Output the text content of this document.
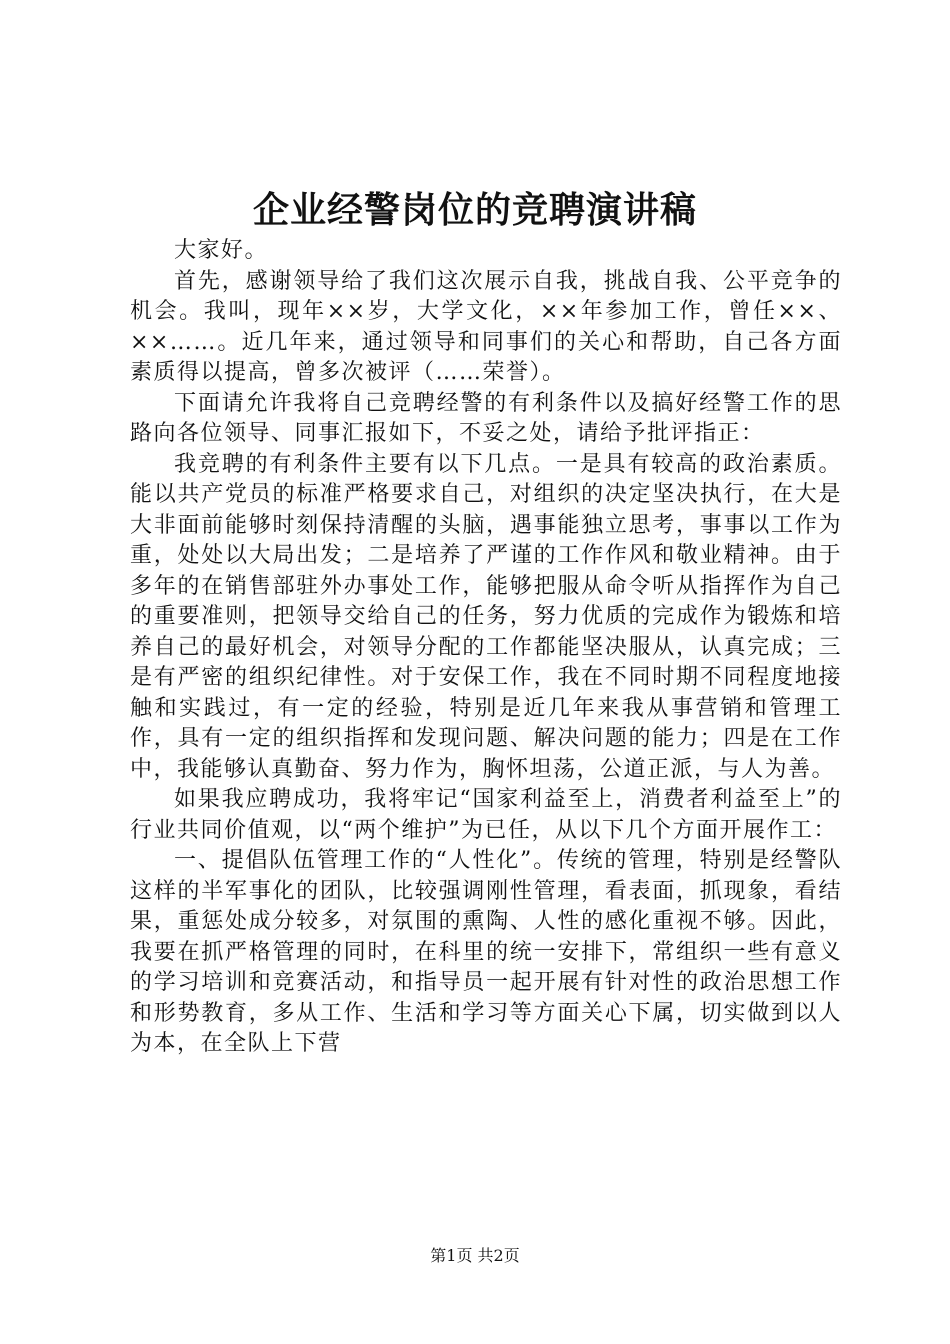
企业经警岗位的竞聘演讲稿

大家好。

首先，感谢领导给了我们这次展示自我，挑战自我、公平竞争的机会。我叫，现年××岁，大学文化，××年参加工作，曾任××、××……。近几年来，通过领导和同事们的关心和帮助，自己各方面素质得以提高，曾多次被评（……荣誉）。

下面请允许我将自己竞聘经警的有利条件以及搞好经警工作的思路向各位领导、同事汇报如下，不妥之处，请给予批评指正：

我竞聘的有利条件主要有以下几点。一是具有较高的政治素质。能以共产党员的标准严格要求自己，对组织的决定坚决执行，在大是大非面前能够时刻保持清醒的头脑，遇事能独立思考，事事以工作为重，处处以大局出发；二是培养了严谨的工作作风和敬业精神。由于多年的在销售部驻外办事处工作，能够把服从命令听从指挥作为自己的重要准则，把领导交给自己的任务，努力优质的完成作为锻炼和培养自己的最好机会，对领导分配的工作都能坚决服从，认真完成；三是有严密的组织纪律性。对于安保工作，我在不同时期不同程度地接触和实践过，有一定的经验，特别是近几年来我从事营销和管理工作，具有一定的组织指挥和发现问题、解决问题的能力；四是在工作中，我能够认真勤奋、努力作为，胸怀坦荡，公道正派，与人为善。

如果我应聘成功，我将牢记“国家利益至上，消费者利益至上”的行业共同价值观，以“两个维护”为已任，从以下几个方面开展作工：

一、提倡队伍管理工作的“人性化”。传统的管理，特别是经警队这样的半军事化的团队，比较强调刚性管理，看表面，抓现象，看结果，重惩处成分较多，对氛围的熏陶、人性的感化重视不够。因此，我要在抓严格管理的同时，在科里的统一安排下，常组织一些有意义的学习培训和竞赛活动，和指导员一起开展有针对性的政治思想工作和形势教育，多从工作、生活和学习等方面关心下属，切实做到以人为本，在全队上下营

第1页 共2页
